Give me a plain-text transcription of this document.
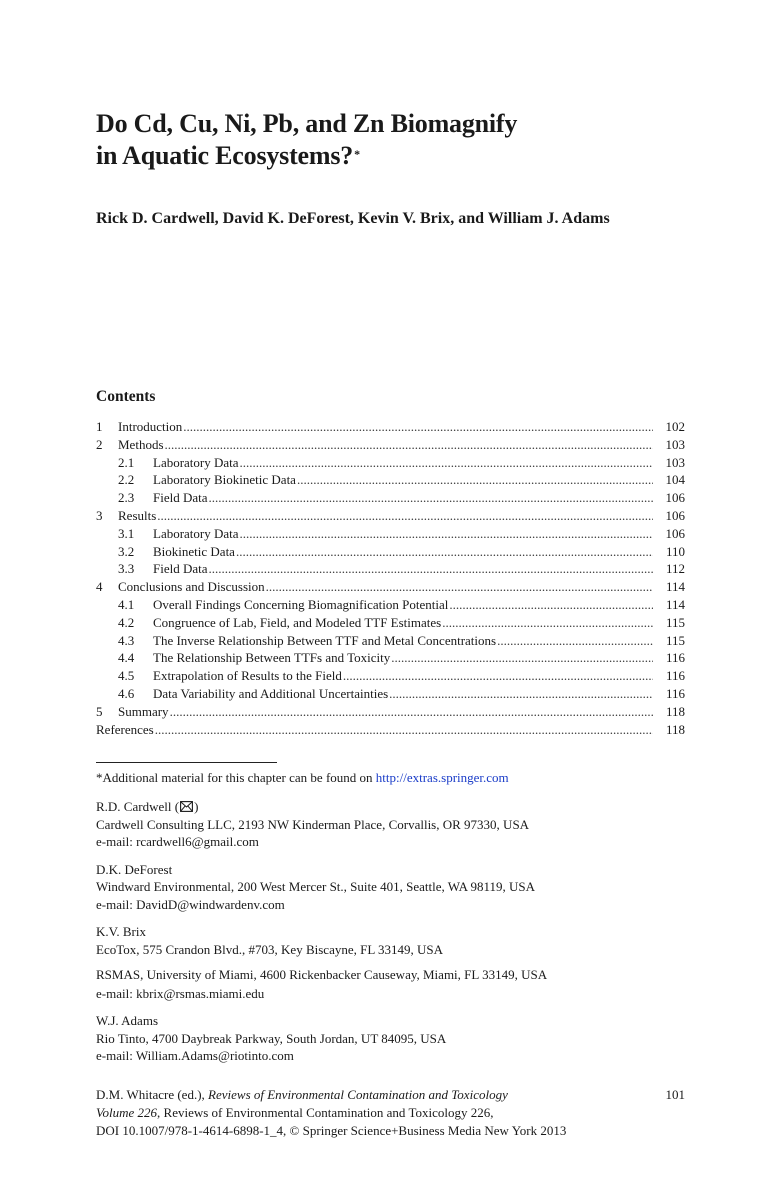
Do Cd, Cu, Ni, Pb, and Zn Biomagnify
in Aquatic Ecosystems?*
Rick D. Cardwell, David K. DeForest, Kevin V. Brix, and William J. Adams
Contents
1	Introduction .....	102
2	Methods .....	103
2.1	Laboratory Data .....	103
2.2	Laboratory Biokinetic Data .....	104
2.3	Field Data .....	106
3	Results .....	106
3.1	Laboratory Data .....	106
3.2	Biokinetic Data .....	110
3.3	Field Data .....	112
4	Conclusions and Discussion .....	114
4.1	Overall Findings Concerning Biomagnification Potential .....	114
4.2	Congruence of Lab, Field, and Modeled TTF Estimates .....	115
4.3	The Inverse Relationship Between TTF and Metal Concentrations .....	115
4.4	The Relationship Between TTFs and Toxicity .....	116
4.5	Extrapolation of Results to the Field .....	116
4.6	Data Variability and Additional Uncertainties .....	116
5	Summary .....	118
References .....	118
*Additional material for this chapter can be found on http://extras.springer.com
R.D. Cardwell ( )
Cardwell Consulting LLC, 2193 NW Kinderman Place, Corvallis, OR 97330, USA
e-mail: rcardwell6@gmail.com
D.K. DeForest
Windward Environmental, 200 West Mercer St., Suite 401, Seattle, WA 98119, USA
e-mail: DavidD@windwardenv.com
K.V. Brix
EcoTox, 575 Crandon Blvd., #703, Key Biscayne, FL 33149, USA
RSMAS, University of Miami, 4600 Rickenbacker Causeway, Miami, FL 33149, USA
e-mail: kbrix@rsmas.miami.edu
W.J. Adams
Rio Tinto, 4700 Daybreak Parkway, South Jordan, UT 84095, USA
e-mail: William.Adams@riotinto.com
D.M. Whitacre (ed.), Reviews of Environmental Contamination and Toxicology
Volume 226, Reviews of Environmental Contamination and Toxicology 226,
DOI 10.1007/978-1-4614-6898-1_4, © Springer Science+Business Media New York 2013
101
